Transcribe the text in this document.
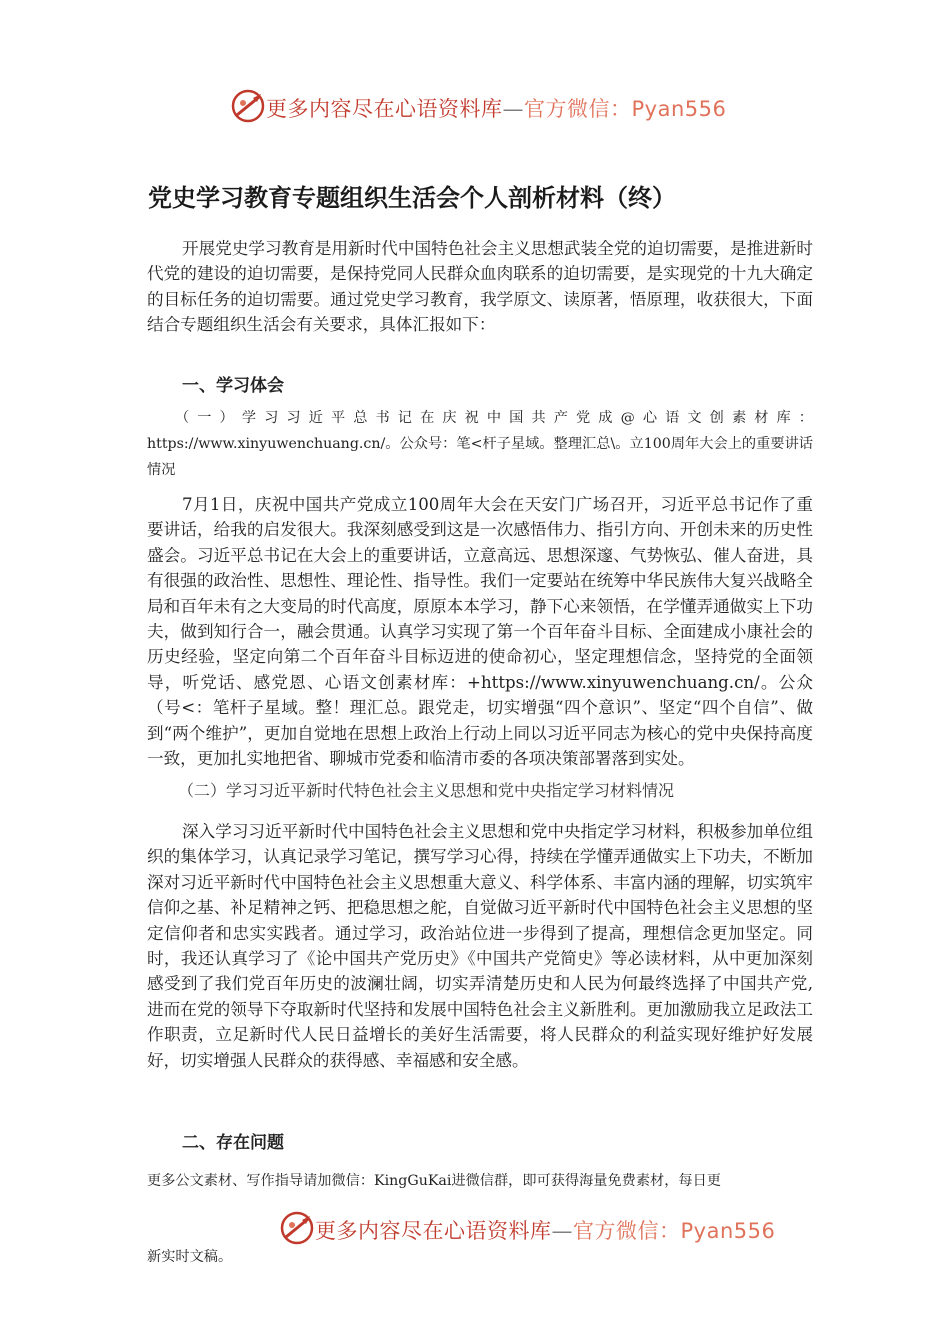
更多内容尽在心语资料库—官方微信：Pyan556
党史学习教育专题组织生活会个人剖析材料（终）

开展党史学习教育是用新时代中国特色社会主义思想武装全党的迫切需要，是推进新时代党的建设的迫切需要，是保持党同人民群众血肉联系的迫切需要，是实现党的十九大确定的目标任务的迫切需要。通过党史学习教育，我学原文、读原著，悟原理，收获很大，下面结合专题组织生活会有关要求，具体汇报如下：

一、学习体会

（一）学习习近平总书记在庆祝中国共产党成@心语文创素材库：https://www.xinyuwenchuang.cn/。公众号：笔<杆子星域。整理汇总\。立100周年大会上的重要讲话情况

7月1日，庆祝中国共产党成立100周年大会在天安门广场召开，习近平总书记作了重要讲话，给我的启发很大。我深刻感受到这是一次感悟伟力、指引方向、开创未来的历史性盛会。习近平总书记在大会上的重要讲话，立意高远、思想深邃、气势恢弘、催人奋进，具有很强的政治性、思想性、理论性、指导性。我们一定要站在统筹中华民族伟大复兴战略全局和百年未有之大变局的时代高度，原原本本学习，静下心来领悟，在学懂弄通做实上下功夫，做到知行合一，融会贯通。认真学习实现了第一个百年奋斗目标、全面建成小康社会的历史经验，坚定向第二个百年奋斗目标迈进的使命初心，坚定理想信念，坚持党的全面领导，听党话、感党恩、心语文创素材库：+https://www.xinyuwenchuang.cn/。公众（号<：笔杆子星域。整！理汇总。跟党走，切实增强“四个意识”、坚定“四个自信”、做到“两个维护”，更加自觉地在思想上政治上行动上同以习近平同志为核心的党中央保持高度一致，更加扎实地把省、聊城市党委和临清市委的各项决策部署落到实处。

（二）学习习近平新时代特色社会主义思想和党中央指定学习材料情况

深入学习习近平新时代中国特色社会主义思想和党中央指定学习材料，积极参加单位组织的集体学习，认真记录学习笔记，撰写学习心得，持续在学懂弄通做实上下功夫，不断加深对习近平新时代中国特色社会主义思想重大意义、科学体系、丰富内涵的理解，切实筑牢信仰之基、补足精神之钙、把稳思想之舵，自觉做习近平新时代中国特色社会主义思想的坚定信仰者和忠实实践者。通过学习，政治站位进一步得到了提高，理想信念更加坚定。同时，我还认真学习了《论中国共产党历史》《中国共产党简史》等必读材料，从中更加深刻感受到了我们党百年历史的波澜壮阔，切实弄清楚历史和人民为何最终选择了中国共产党,进而在党的领导下夺取新时代坚持和发展中国特色社会主义新胜利。更加激励我立足政法工作职责，立足新时代人民日益增长的美好生活需要，将人民群众的利益实现好维护好发展好，切实增强人民群众的获得感、幸福感和安全感。

二、存在问题

更多公文素材、写作指导请加微信：KingGuKai进微信群，即可获得海量免费素材，每日更

更多内容尽在心语资料库—官方微信：Pyan556

新实时文稿。
